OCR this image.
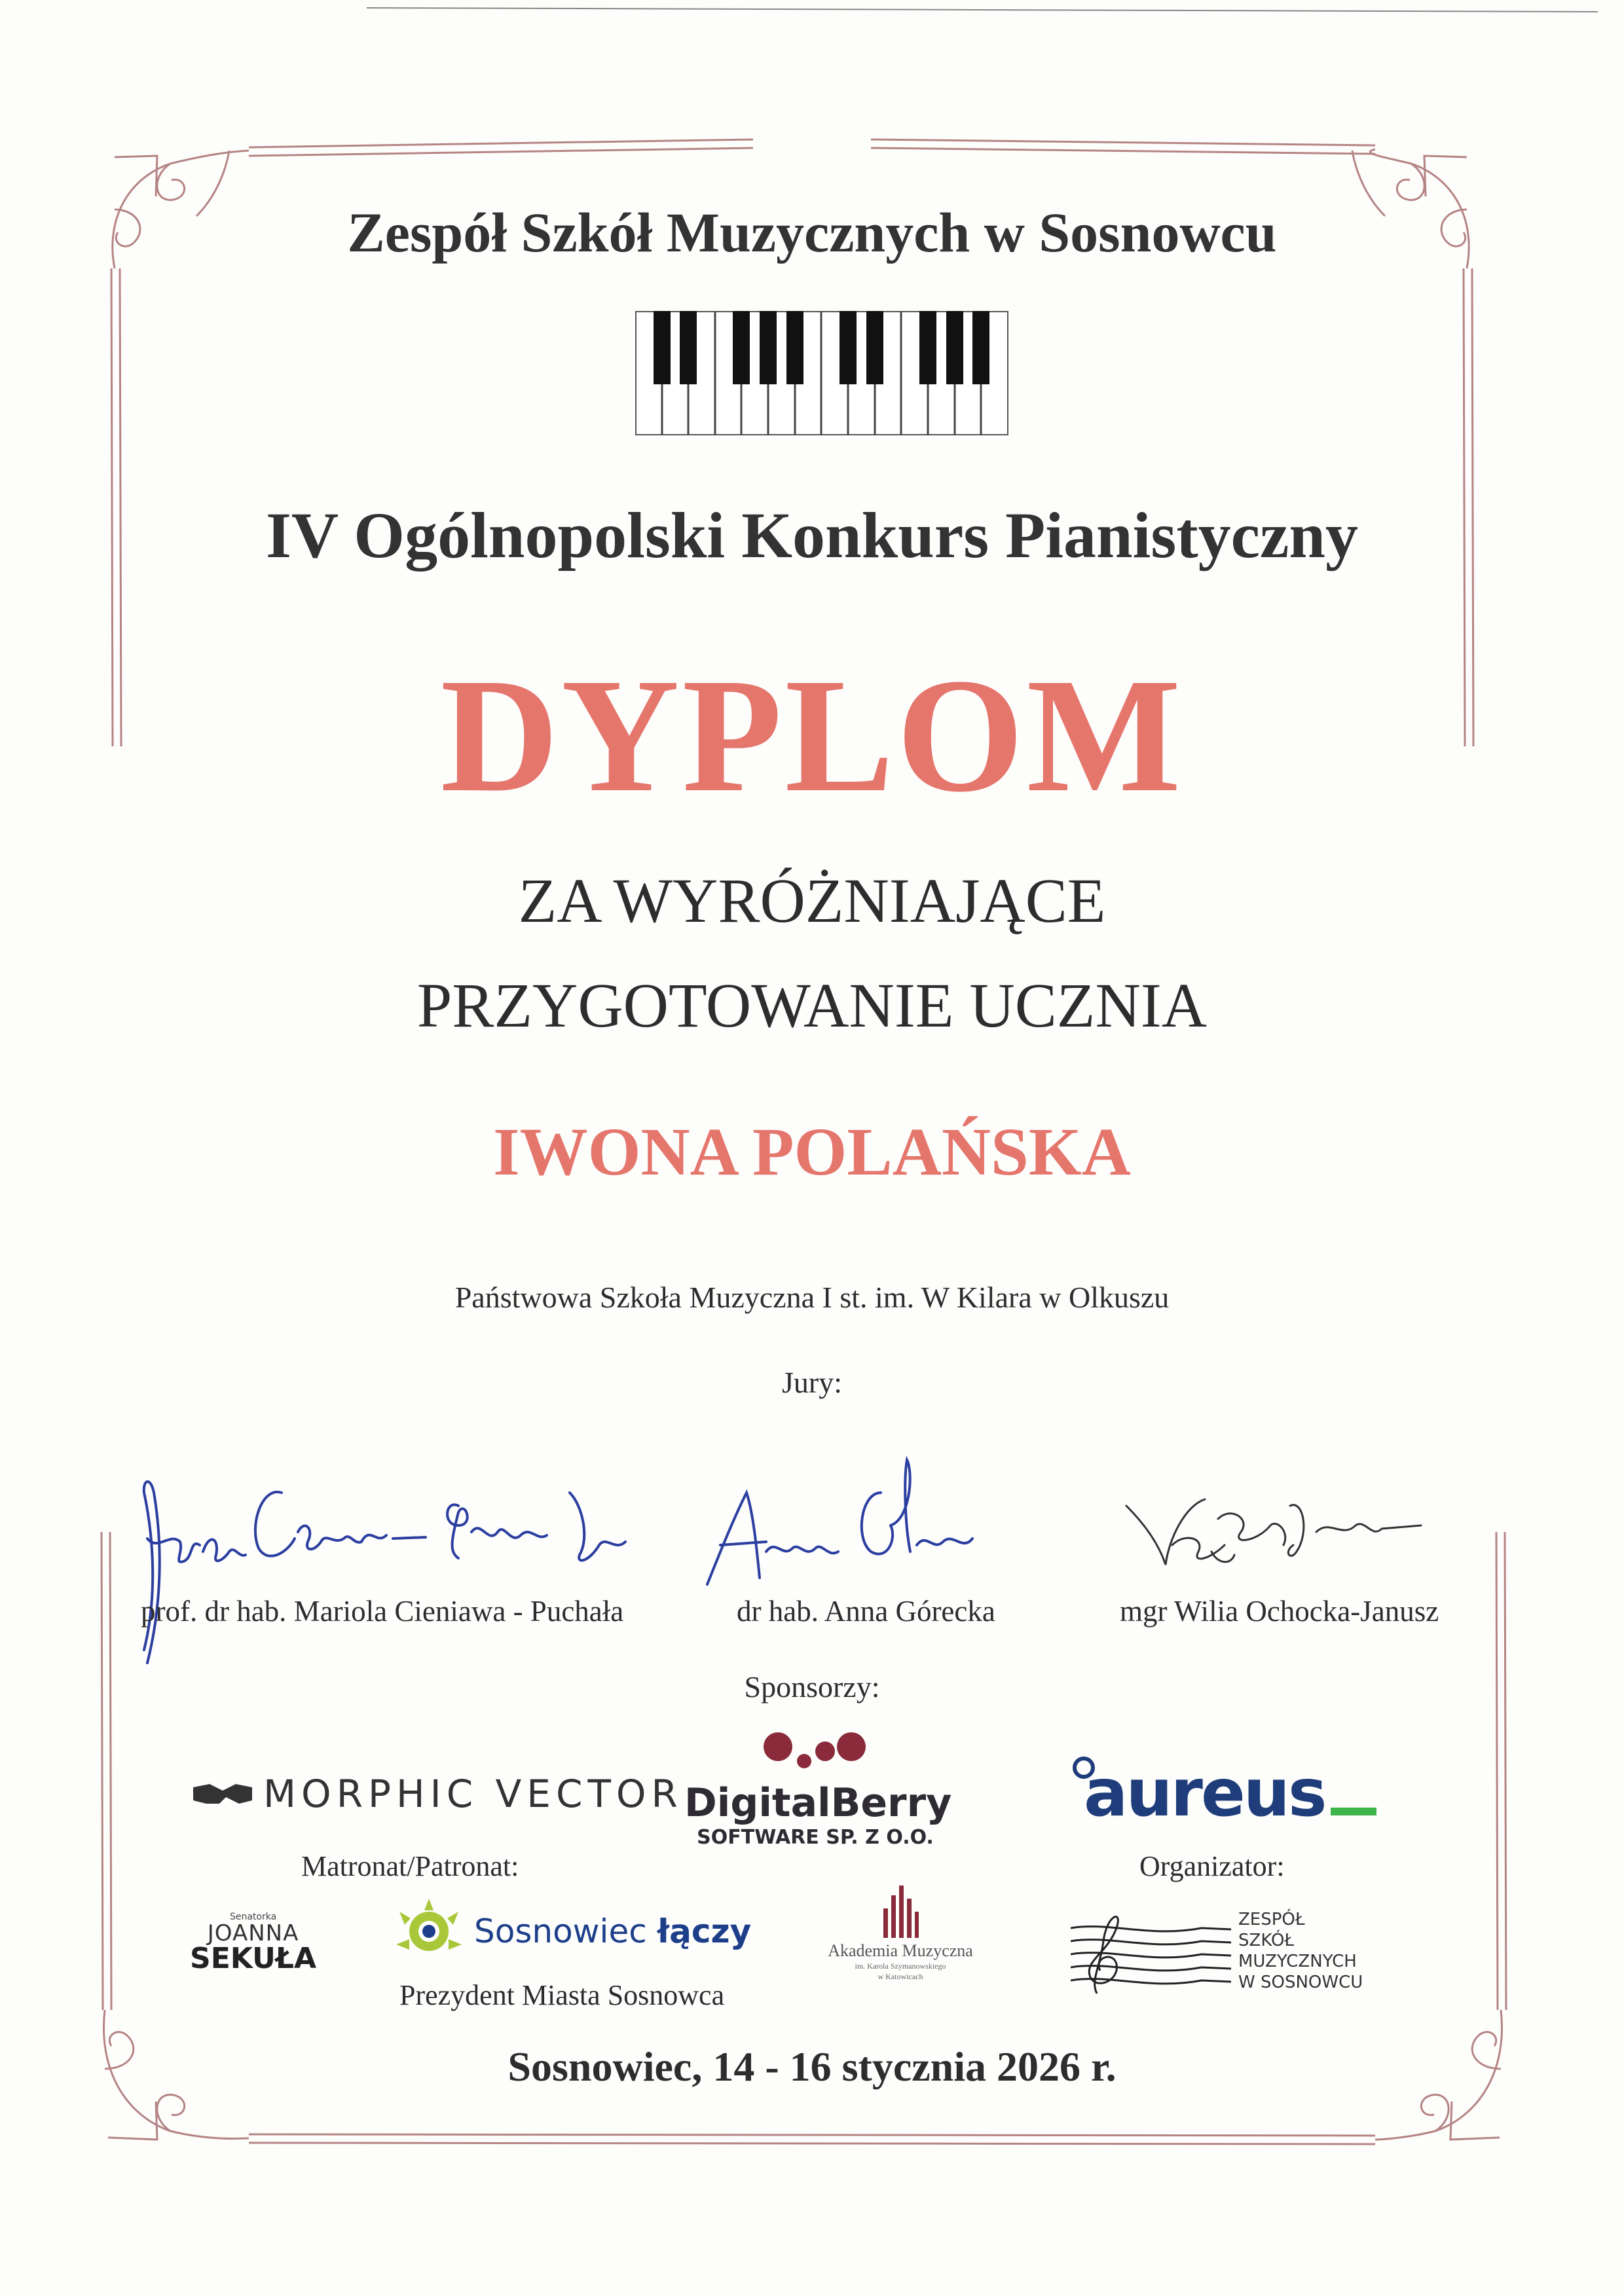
Zespół Szkół Muzycznych w Sosnowcu
IV Ogólnopolski Konkurs Pianistyczny
DYPLOM
ZA WYRÓŻNIAJĄCE
PRZYGOTOWANIE UCZNIA
IWONA POLAŃSKA
Państwowa Szkoła Muzyczna I st. im. W Kilara w Olkuszu
Jury:
prof. dr hab. Mariola Cieniawa - Puchała	dr hab. Anna Górecka	mgr Wilia Ochocka-Janusz
Sponsorzy:
MORPHIC VECTOR DigitalBerry
SOFTWARE SP. Z O.O.
aureus
Matronat/Patronat:	Organizator:
Senatorka
JOANNA
SEKUŁA
Sosnowiec łączy
Prezydent Miasta Sosnowca
Akademia Muzyczna
im. Karola Szymanowskiego
w Katowicach
ZESPÓŁ
SZKÓŁ
MUZYCZNYCH
W SOSNOWCU
Sosnowiec, 14 - 16 stycznia 2026 r.
